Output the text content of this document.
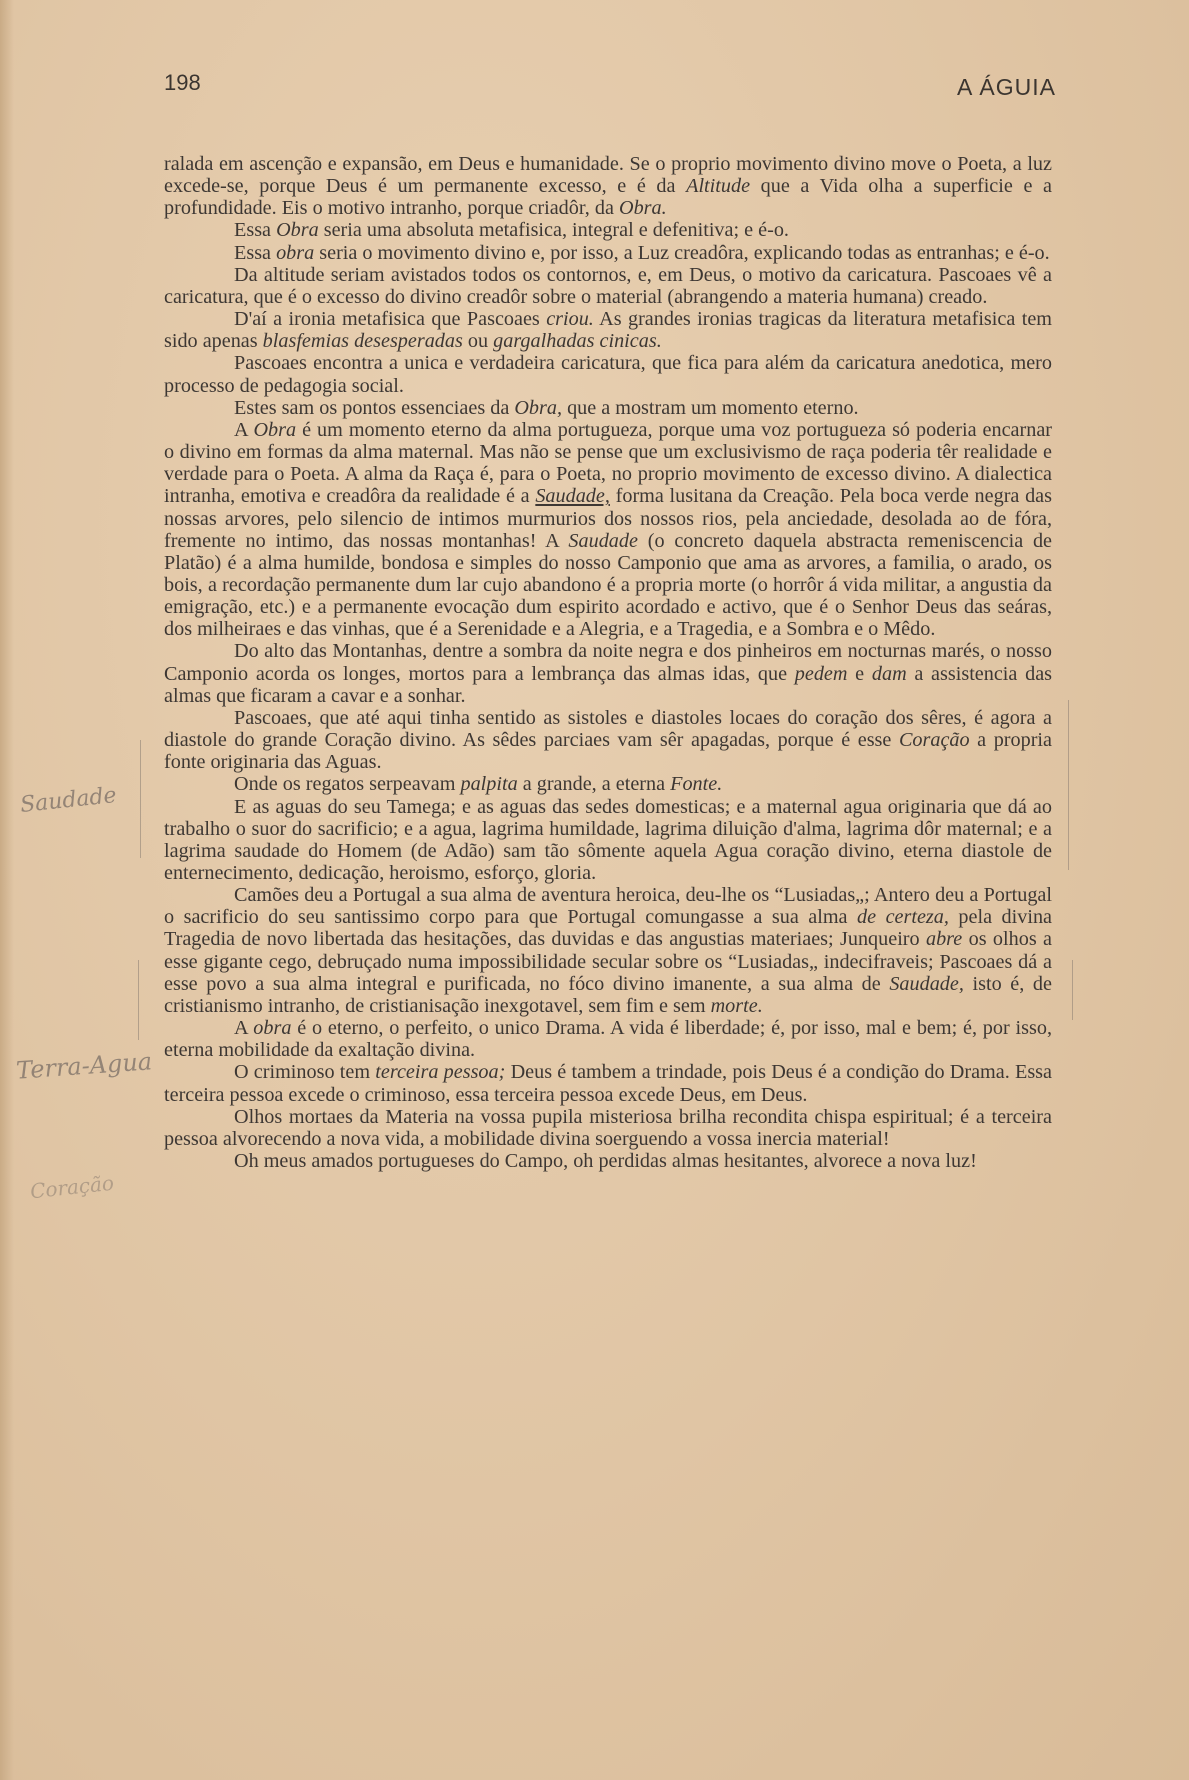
198	A ÁGUIA

ralada em ascenção e expansão, em Deus e humanidade. Se o proprio movimento divino move o Poeta, a luz excede-se, porque Deus é um permanente excesso, e é da Altitude que a Vida olha a superficie e a profundidade. Eis o motivo intranho, porque criadôr, da Obra.

Essa Obra seria uma absoluta metafisica, integral e defenitiva; e é-o.

Essa obra seria o movimento divino e, por isso, a Luz creadôra, explicando todas as entranhas; e é-o.

Da altitude seriam avistados todos os contornos, e, em Deus, o motivo da caricatura. Pascoaes vê a caricatura, que é o excesso do divino creadôr sobre o material (abrangendo a materia humana) creado.

D'aí a ironia metafisica que Pascoaes criou. As grandes ironias tragicas da literatura metafisica tem sido apenas blasfemias desesperadas ou gargalhadas cinicas.

Pascoaes encontra a unica e verdadeira caricatura, que fica para além da caricatura anedotica, mero processo de pedagogia social.

Estes sam os pontos essenciaes da Obra, que a mostram um momento eterno.

A Obra é um momento eterno da alma portugueza, porque uma voz portugueza só poderia encarnar o divino em formas da alma maternal. Mas não se pense que um exclusivismo de raça poderia têr realidade e verdade para o Poeta. A alma da Raça é, para o Poeta, no proprio movimento de excesso divino. A dialectica intranha, emotiva e creadôra da realidade é a Saudade, forma lusitana da Creação. Pela boca verde negra das nossas arvores, pelo silencio de intimos murmurios dos nossos rios, pela anciedade, desolada ao de fóra, fremente no intimo, das nossas montanhas! A Saudade (o concreto daquela abstracta remeniscencia de Platão) é a alma humilde, bondosa e simples do nosso Camponio que ama as arvores, a familia, o arado, os bois, a recordação permanente dum lar cujo abandono é a propria morte (o horrôr á vida militar, a angustia da emigração, etc.) e a permanente evocação dum espirito acordado e activo, que é o Senhor Deus das seáras, dos milheiraes e das vinhas, que é a Serenidade e a Alegria, e a Tragedia, e a Sombra e o Mêdo.

Do alto das Montanhas, dentre a sombra da noite negra e dos pinheiros em nocturnas marés, o nosso Camponio acorda os longes, mortos para a lembrança das almas idas, que pedem e dam a assistencia das almas que ficaram a cavar e a sonhar.

Pascoaes, que até aqui tinha sentido as sistoles e diastoles locaes do coração dos sêres, é agora a diastole do grande Coração divino. As sêdes parciaes vam sêr apagadas, porque é esse Coração a propria fonte originaria das Aguas.

Onde os regatos serpeavam palpita a grande, a eterna Fonte.

E as aguas do seu Tamega; e as aguas das sedes domesticas; e a maternal agua originaria que dá ao trabalho o suor do sacrificio; e a agua, lagrima humildade, lagrima diluição d'alma, lagrima dôr maternal; e a lagrima saudade do Homem (de Adão) sam tão sômente aquela Agua coração divino, eterna diastole de enternecimento, dedicação, heroismo, esforço, gloria.

Camões deu a Portugal a sua alma de aventura heroica, deu-lhe os “Lusiadas„; Antero deu a Portugal o sacrificio do seu santissimo corpo para que Portugal comungasse a sua alma de certeza, pela divina Tragedia de novo libertada das hesitações, das duvidas e das angustias materiaes; Junqueiro abre os olhos a esse gigante cego, debruçado numa impossibilidade secular sobre os “Lusiadas„ indecifraveis; Pascoaes dá a esse povo a sua alma integral e purificada, no fóco divino imanente, a sua alma de Saudade, isto é, de cristianismo intranho, de cristianisação inexgotavel, sem fim e sem morte.

A obra é o eterno, o perfeito, o unico Drama. A vida é liberdade; é, por isso, mal e bem; é, por isso, eterna mobilidade da exaltação divina.

O criminoso tem terceira pessoa; Deus é tambem a trindade, pois Deus é a condição do Drama. Essa terceira pessoa excede o criminoso, essa terceira pessoa excede Deus, em Deus.

Olhos mortaes da Materia na vossa pupila misteriosa brilha recondita chispa espiritual; é a terceira pessoa alvorecendo a nova vida, a mobilidade divina soerguendo a vossa inercia material!

Oh meus amados portugueses do Campo, oh perdidas almas hesitantes, alvorece a nova luz!

Saudade
Terra-Agua
Coração
